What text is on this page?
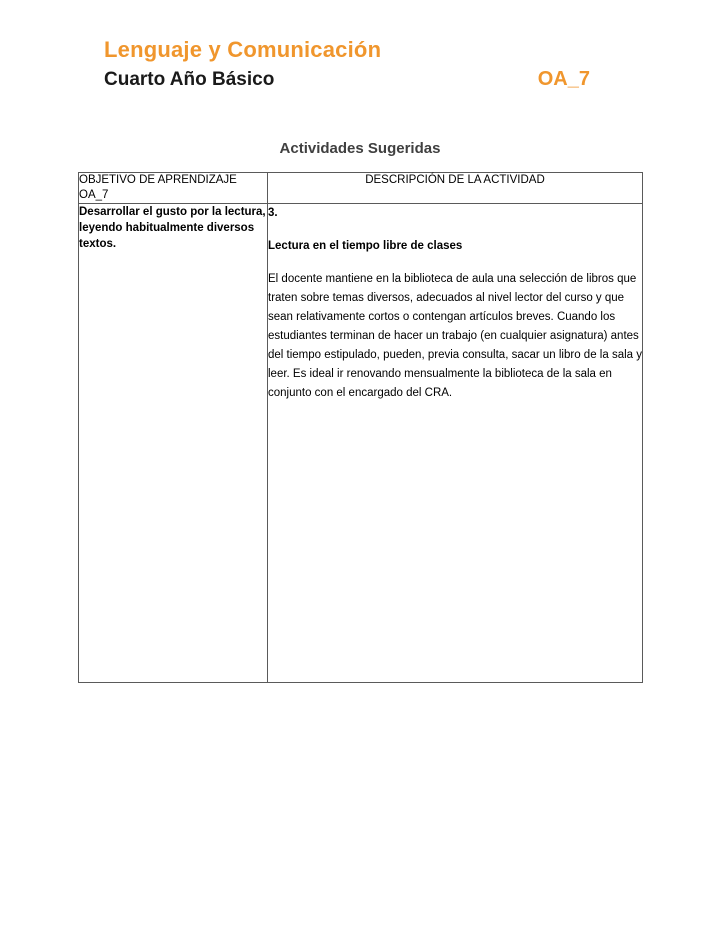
Lenguaje y Comunicación
Cuarto Año Básico	OA_7
Actividades Sugeridas
OBJETIVO DE APRENDIZAJE OA_7	DESCRIPCIÓN DE LA ACTIVIDAD
Desarrollar el gusto por la lectura, leyendo habitualmente diversos textos.	3.

Lectura en el tiempo libre de clases

El docente mantiene en la biblioteca de aula una selección de libros que traten sobre temas diversos, adecuados al nivel lector del curso y que sean relativamente cortos o contengan artículos breves. Cuando los estudiantes terminan de hacer un trabajo (en cualquier asignatura) antes del tiempo estipulado, pueden, previa consulta, sacar un libro de la sala y leer. Es ideal ir renovando mensualmente la biblioteca de la sala en conjunto con el encargado del CRA.
